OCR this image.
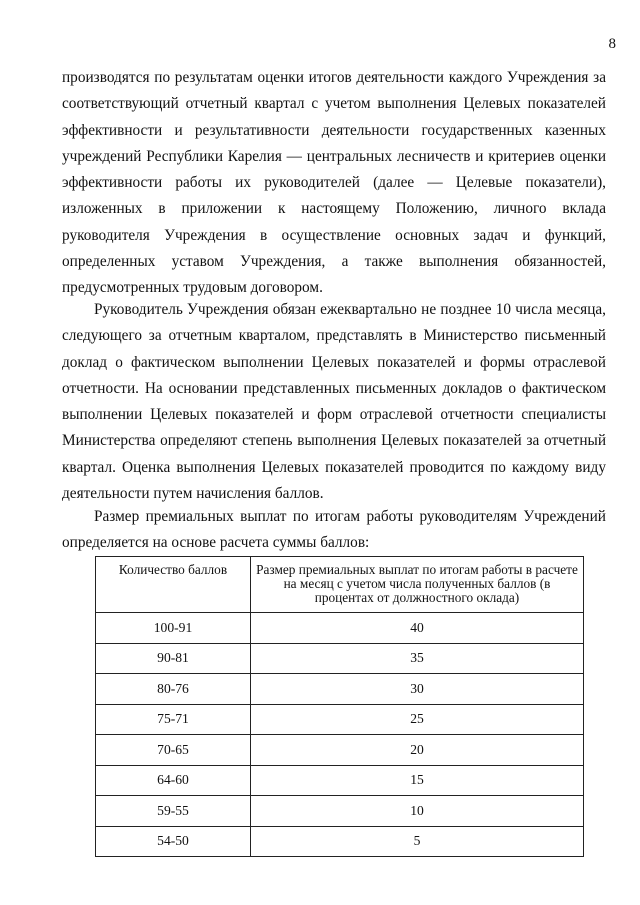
8

производятся по результатам оценки итогов деятельности каждого Учреждения за соответствующий отчетный квартал с учетом выполнения Целевых показателей эффективности и результативности деятельности государственных казенных учреждений Республики Карелия — центральных лесничеств и критериев оценки эффективности работы их руководителей (далее — Целевые показатели), изложенных в приложении к настоящему Положению, личного вклада руководителя Учреждения в осуществление основных задач и функций, определенных уставом Учреждения, а также выполнения обязанностей, предусмотренных трудовым договором.

Руководитель Учреждения обязан ежеквартально не позднее 10 числа месяца, следующего за отчетным кварталом, представлять в Министерство письменный доклад о фактическом выполнении Целевых показателей и формы отраслевой отчетности. На основании представленных письменных докладов о фактическом выполнении Целевых показателей и форм отраслевой отчетности специалисты Министерства определяют степень выполнения Целевых показателей за отчетный квартал. Оценка выполнения Целевых показателей проводится по каждому виду деятельности путем начисления баллов.

Размер премиальных выплат по итогам работы руководителям Учреждений определяется на основе расчета суммы баллов:

Количество баллов	Размер премиальных выплат по итогам работы в расчете на месяц с учетом числа полученных баллов (в процентах от должностного оклада)
100-91	40
90-81	35
80-76	30
75-71	25
70-65	20
64-60	15
59-55	10
54-50	5
